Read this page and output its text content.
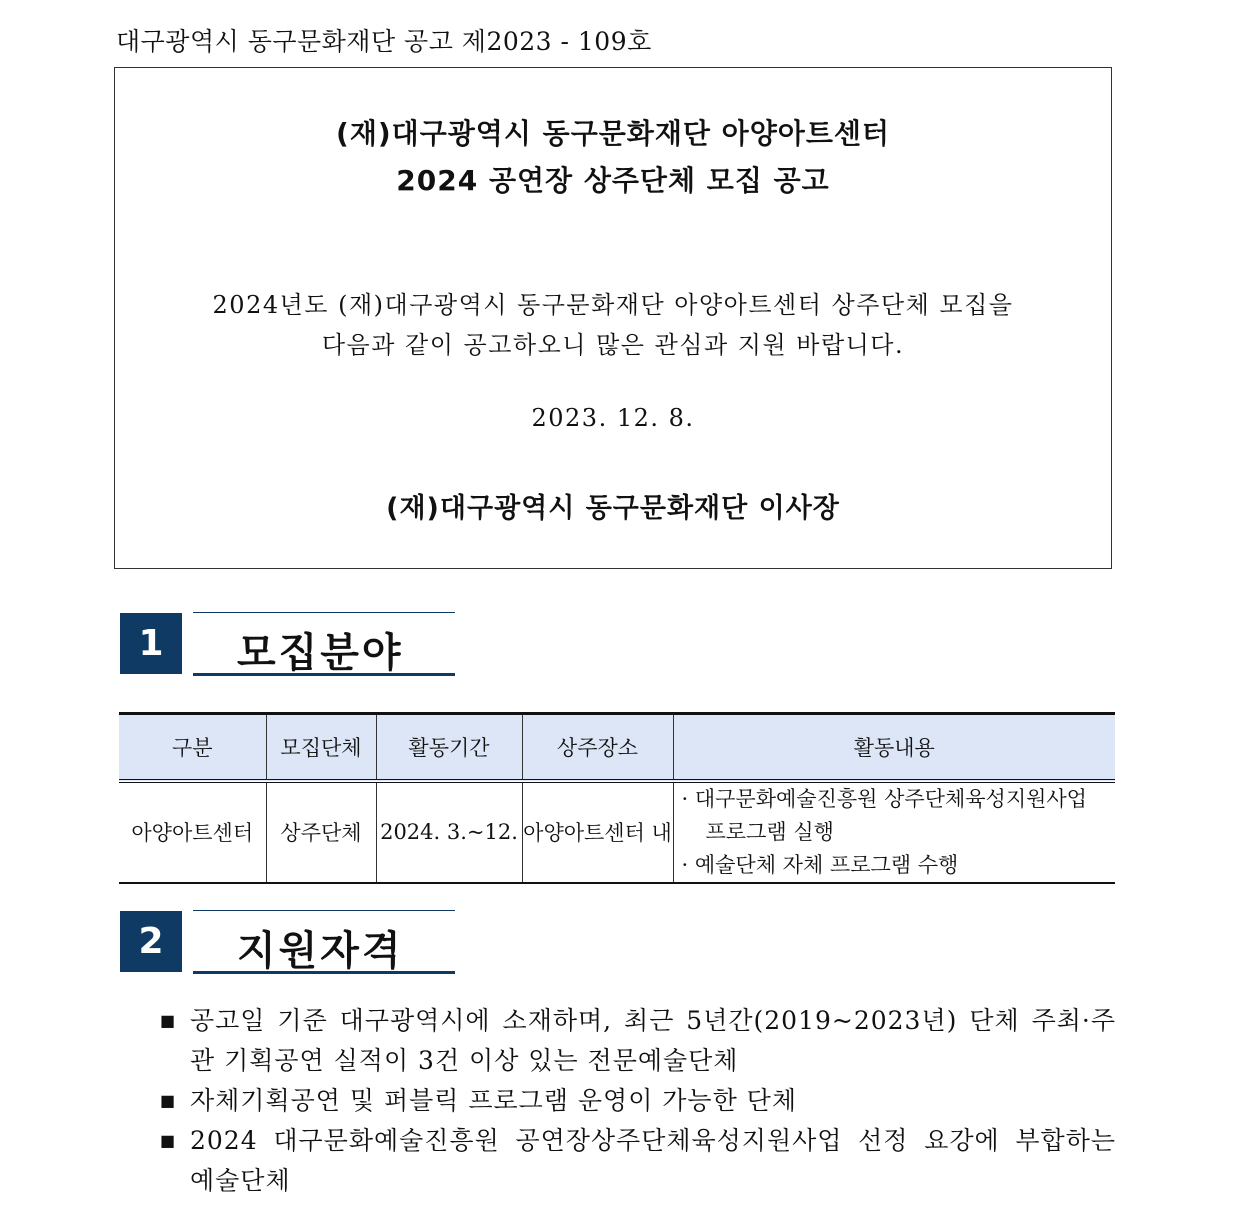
대구광역시 동구문화재단 공고 제2023 - 109호
(재)대구광역시 동구문화재단 아양아트센터
2024 공연장 상주단체 모집 공고
2024년도 (재)대구광역시 동구문화재단 아양아트센터 상주단체 모집을
다음과 같이 공고하오니 많은 관심과 지원 바랍니다.
2023. 12. 8.
(재)대구광역시 동구문화재단 이사장
1	모집분야
구분	모집단체	활동기간	상주장소	활동내용
아양아트센터	상주단체	2024. 3.~12.	아양아트센터 내	· 대구문화예술진흥원 상주단체육성지원사업
프로그램 실행
· 예술단체 자체 프로그램 수행
2	지원자격
■ 공고일 기준 대구광역시에 소재하며, 최근 5년간(2019~2023년) 단체 주최·주관 기획공연 실적이 3건 이상 있는 전문예술단체
■ 자체기획공연 및 퍼블릭 프로그램 운영이 가능한 단체
■ 2024 대구문화예술진흥원 공연장상주단체육성지원사업 선정 요강에 부합하는 예술단체
